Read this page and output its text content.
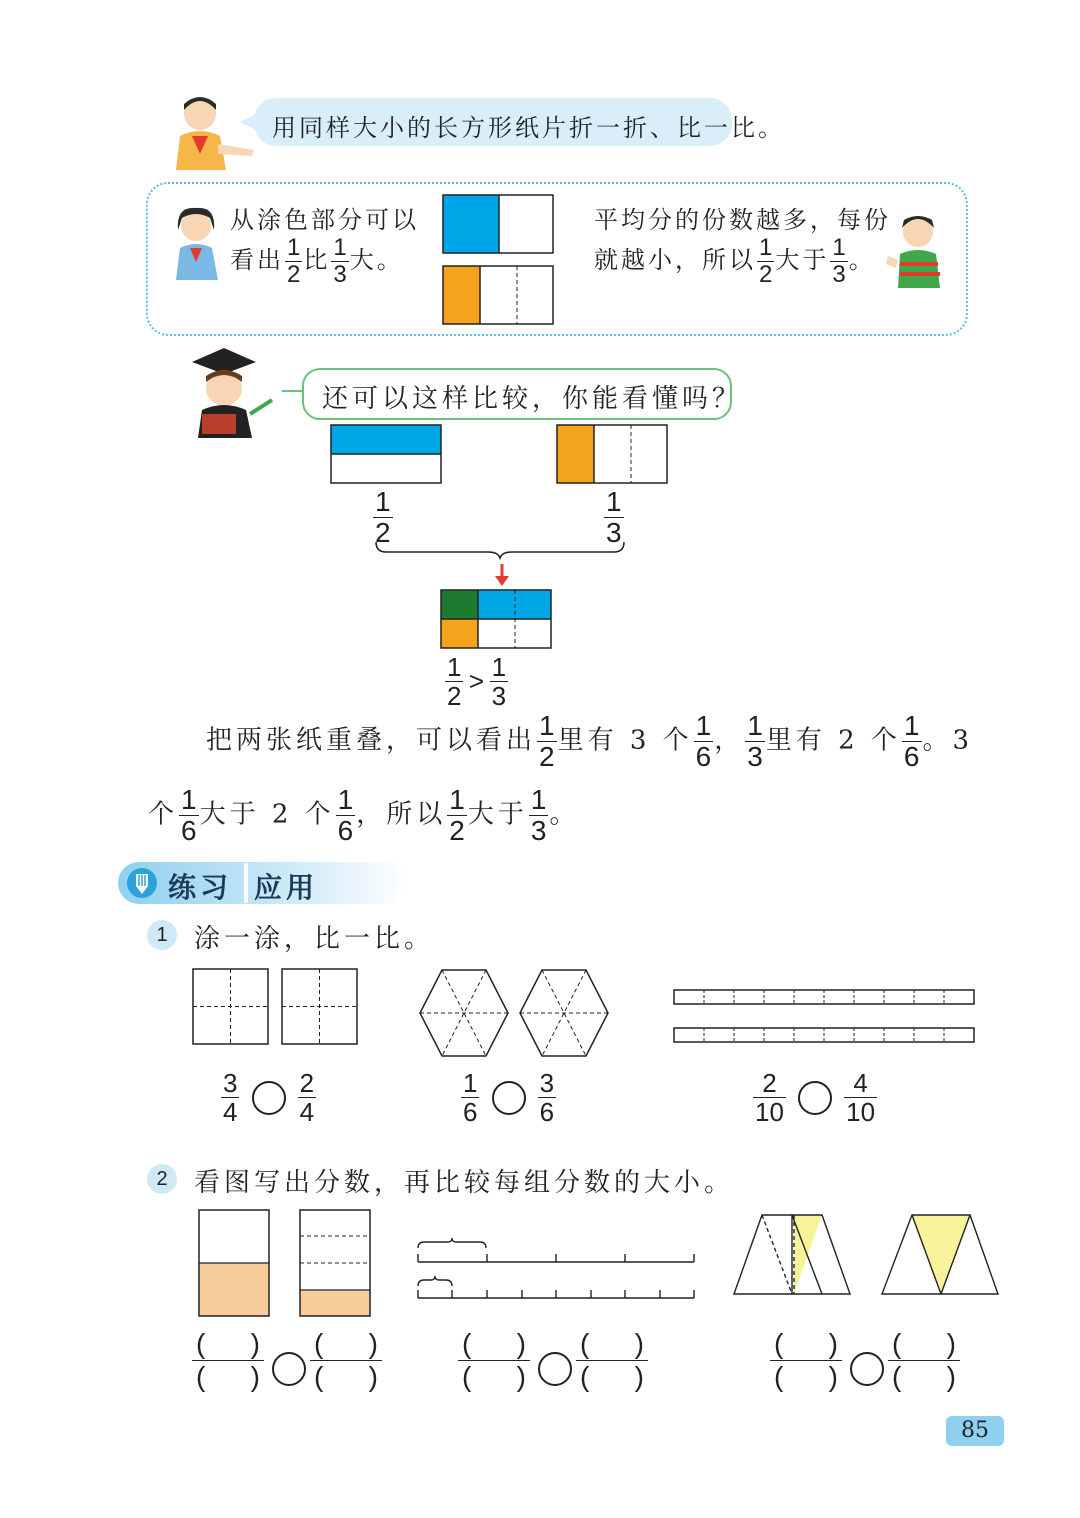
用同样大小的长方形纸片折一折、比一比。
从涂色部分可以
看出 $\frac{1}{2}$ 比 $\frac{1}{3}$ 大。
平均分的份数越多，每份
就越小，所以 $\frac{1}{2}$ 大于 $\frac{1}{3}$ 。
还可以这样比较，你能看懂吗？
$\frac{1}{2}$	$\frac{1}{3}$
$\frac{1}{2} > \frac{1}{3}$
把两张纸重叠，可以看出 $\frac{1}{2}$ 里有 3 个 $\frac{1}{6}$ ， $\frac{1}{3}$ 里有 2 个 $\frac{1}{6}$ 。3
个 $\frac{1}{6}$ 大于 2 个 $\frac{1}{6}$ ，所以 $\frac{1}{2}$ 大于 $\frac{1}{3}$ 。
练习 应用
1	涂一涂，比一比。
$\frac{3}{4}$
$\frac{2}{4}$	$\frac{1}{6}$
$\frac{3}{6}$	$\frac{2}{10}$
$\frac{4}{10}$
2	看图写出分数，再比较每组分数的大小。
( )
( )
( )
( )
( )
( )
( )
( )
( )
( )
( )
( )
85
